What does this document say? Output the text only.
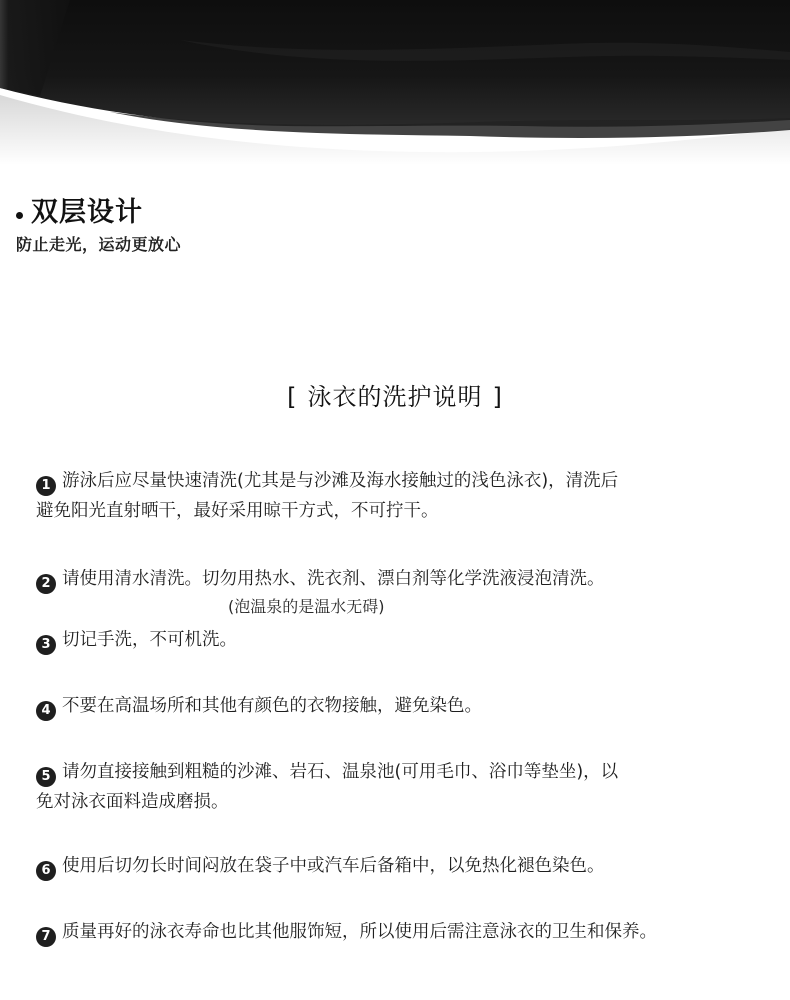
双层设计
防止走光，运动更放心
[ 泳衣的洗护说明 ]
1 游泳后应尽量快速清洗(尤其是与沙滩及海水接触过的浅色泳衣)，清洗后
避免阳光直射晒干，最好采用晾干方式，不可拧干。
2 请使用清水清洗。切勿用热水、洗衣剂、漂白剂等化学洗液浸泡清洗。
(泡温泉的是温水无碍)
3 切记手洗，不可机洗。
4 不要在高温场所和其他有颜色的衣物接触，避免染色。
5 请勿直接接触到粗糙的沙滩、岩石、温泉池(可用毛巾、浴巾等垫坐)，以
免对泳衣面料造成磨损。
6 使用后切勿长时间闷放在袋子中或汽车后备箱中，以免热化褪色染色。
7 质量再好的泳衣寿命也比其他服饰短，所以使用后需注意泳衣的卫生和保养。
